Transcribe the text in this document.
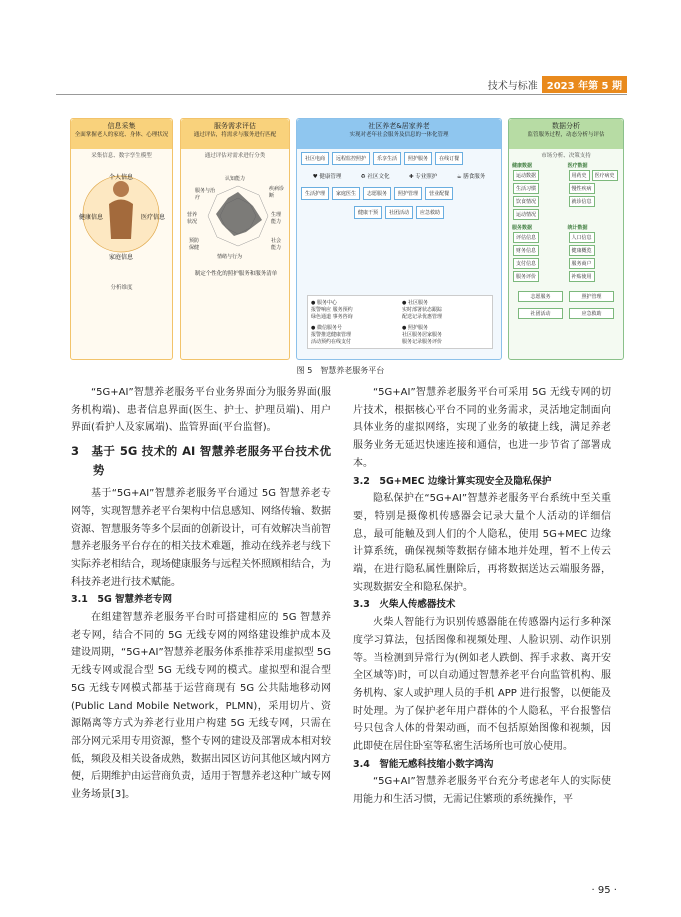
技术与标准 2023 年第 5 期
信息采集
全面掌握老人的家庭、身体、心理状况
采集信息、数字孪生模型
个人信息
健康信息	医疗信息
家庭信息
分析维度
服务需求评估
通过评估，将需求与服务进行匹配
通过评估对需求进行分类
认知能力
服务与治疗
疾病诊断
营养状况
生理能力
预防保健
社会能力
情绪与行为
制定个性化的照护服务和服务清单
社区养老&居家养老
实现对老年社会服务及信息的一体化管理
社区电商	远程监控照护	乐享生活	照护服务	在线订餐
♥ 健康管理	♻ 社区文化	✚ 专业照护	☕ 膳食服务
生活护理	家庭医生	志愿服务	照护管理	营业配餐
健康干预	社团活动	应急救助
● 服务中心
报警响应 服务预约
绿色通道 事务咨询
● 社区服务
实时部署状态跟踪
配送记录优惠管理
● 微信服务号
报警推送健康管理
活动预约在线支付
● 照护服务
社区服务居家服务
服务记录服务评价
数据分析
监管服务过程，动态分析与评估
市场分析、决策支持
健康数据
运动数据生活习惯饮食情况运动情况
医疗数据
用药史 医疗病史慢性疾病就诊信息
服务数据
评估信息财务信息支付信息服务评价
统计数据
人口信息健康概览服务商户补贴使用
志愿服务	照护管理
社团活动	应急救助
图 5　智慧养老服务平台

“5G+AI”智慧养老服务平台业务界面分为服务界面(服务机构端)、患者信息界面(医生、护士、护理员端)、用户界面(看护人及家属端)、监管界面(平台监督)。

3　基于 5G 技术的 AI 智慧养老服务平台技术优势

基于“5G+AI”智慧养老服务平台通过 5G 智慧养老专网等，实现智慧养老平台架构中信息感知、网络传输、数据资源、智慧服务等多个层面的创新设计，可有效解决当前智慧养老服务平台存在的相关技术难题，推动在线养老与线下实际养老相结合，现场健康服务与远程关怀照顾相结合，为科技养老进行技术赋能。

3.1　5G 智慧养老专网

在组建智慧养老服务平台时可搭建相应的 5G 智慧养老专网，结合不同的 5G 无线专网的网络建设维护成本及建设周期，“5G+AI”智慧养老服务体系推荐采用虚拟型 5G 无线专网或混合型 5G 无线专网的模式。虚拟型和混合型 5G 无线专网模式都基于运营商现有 5G 公共陆地移动网(Public Land Mobile Network，PLMN)，采用切片、资源隔离等方式为养老行业用户构建 5G 无线专网，只需在部分网元采用专用资源，整个专网的建设及部署成本相对较低，频段及相关设备成熟，数据出园区访问其他区域内网方便，后期维护由运营商负责，适用于智慧养老这种广域专网业务场景[3]。

“5G+AI”智慧养老服务平台可采用 5G 无线专网的切片技术，根据核心平台不同的业务需求，灵活地定制面向具体业务的虚拟网络，实现了业务的敏捷上线，满足养老服务业务无延迟快速连接和通信，也进一步节省了部署成本。

3.2　5G+MEC 边缘计算实现安全及隐私保护

隐私保护在“5G+AI”智慧养老服务平台系统中至关重要，特别是摄像机传感器会记录大量个人活动的详细信息，最可能触及到人们的个人隐私，使用 5G+MEC 边缘计算系统，确保视频等数据存储本地并处理，暂不上传云端，在进行隐私属性删除后，再将数据送达云端服务器，实现数据安全和隐私保护。

3.3　火柴人传感器技术

火柴人智能行为识别传感器能在传感器内运行多种深度学习算法，包括图像和视频处理、人脸识别、动作识别等。当检测到异常行为(例如老人跌倒、挥手求救、离开安全区域等)时，可以自动通过智慧养老平台向监管机构、服务机构、家人或护理人员的手机 APP 进行报警，以便能及时处理。为了保护老年用户群体的个人隐私，平台报警信号只包含人体的骨架动画，而不包括原始图像和视频，因此即使在居住卧室等私密生活场所也可放心使用。

3.4　智能无感科技缩小数字鸿沟

“5G+AI”智慧养老服务平台充分考虑老年人的实际使用能力和生活习惯，无需记住繁琐的系统操作，平

· 95 ·
